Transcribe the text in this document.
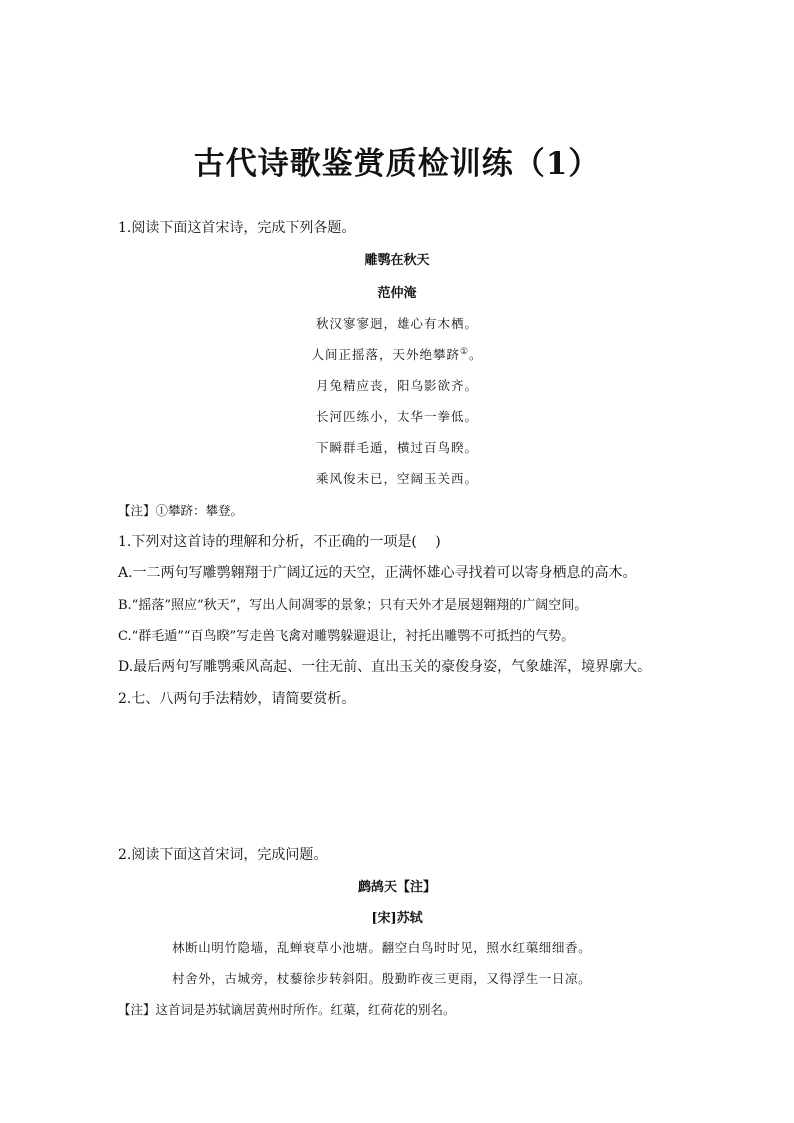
古代诗歌鉴赏质检训练（1）
1.阅读下面这首宋诗，完成下列各题。
雕鹗在秋天
范仲淹
秋汉寥寥迥，雄心有木栖。
人间正摇落，天外绝攀跻①。
月兔精应丧，阳乌影欲齐。
长河匹练小，太华一拳低。
下瞬群毛遁，横过百鸟睽。
乘风俊未已，空阔玉关西。
【注】①攀跻：攀登。
1.下列对这首诗的理解和分析，不正确的一项是(　 )
A.一二两句写雕鹗翱翔于广阔辽远的天空，正满怀雄心寻找着可以寄身栖息的高木。
B.“摇落”照应“秋天”，写出人间凋零的景象；只有天外才是展翅翱翔的广阔空间。
C.“群毛遁”“百鸟睽”写走兽飞禽对雕鹗躲避退让，衬托出雕鹗不可抵挡的气势。
D.最后两句写雕鹗乘风高起、一往无前、直出玉关的豪俊身姿，气象雄浑，境界廓大。
2.七、八两句手法精妙，请简要赏析。
2.阅读下面这首宋词，完成问题。
鹧鸪天【注】
[宋]苏轼
林断山明竹隐墙，乱蝉衰草小池塘。翻空白鸟时时见，照水红蕖细细香。
村舍外，古城旁，杖藜徐步转斜阳。殷勤昨夜三更雨，又得浮生一日凉。
【注】这首词是苏轼谪居黄州时所作。红蕖，红荷花的别名。
